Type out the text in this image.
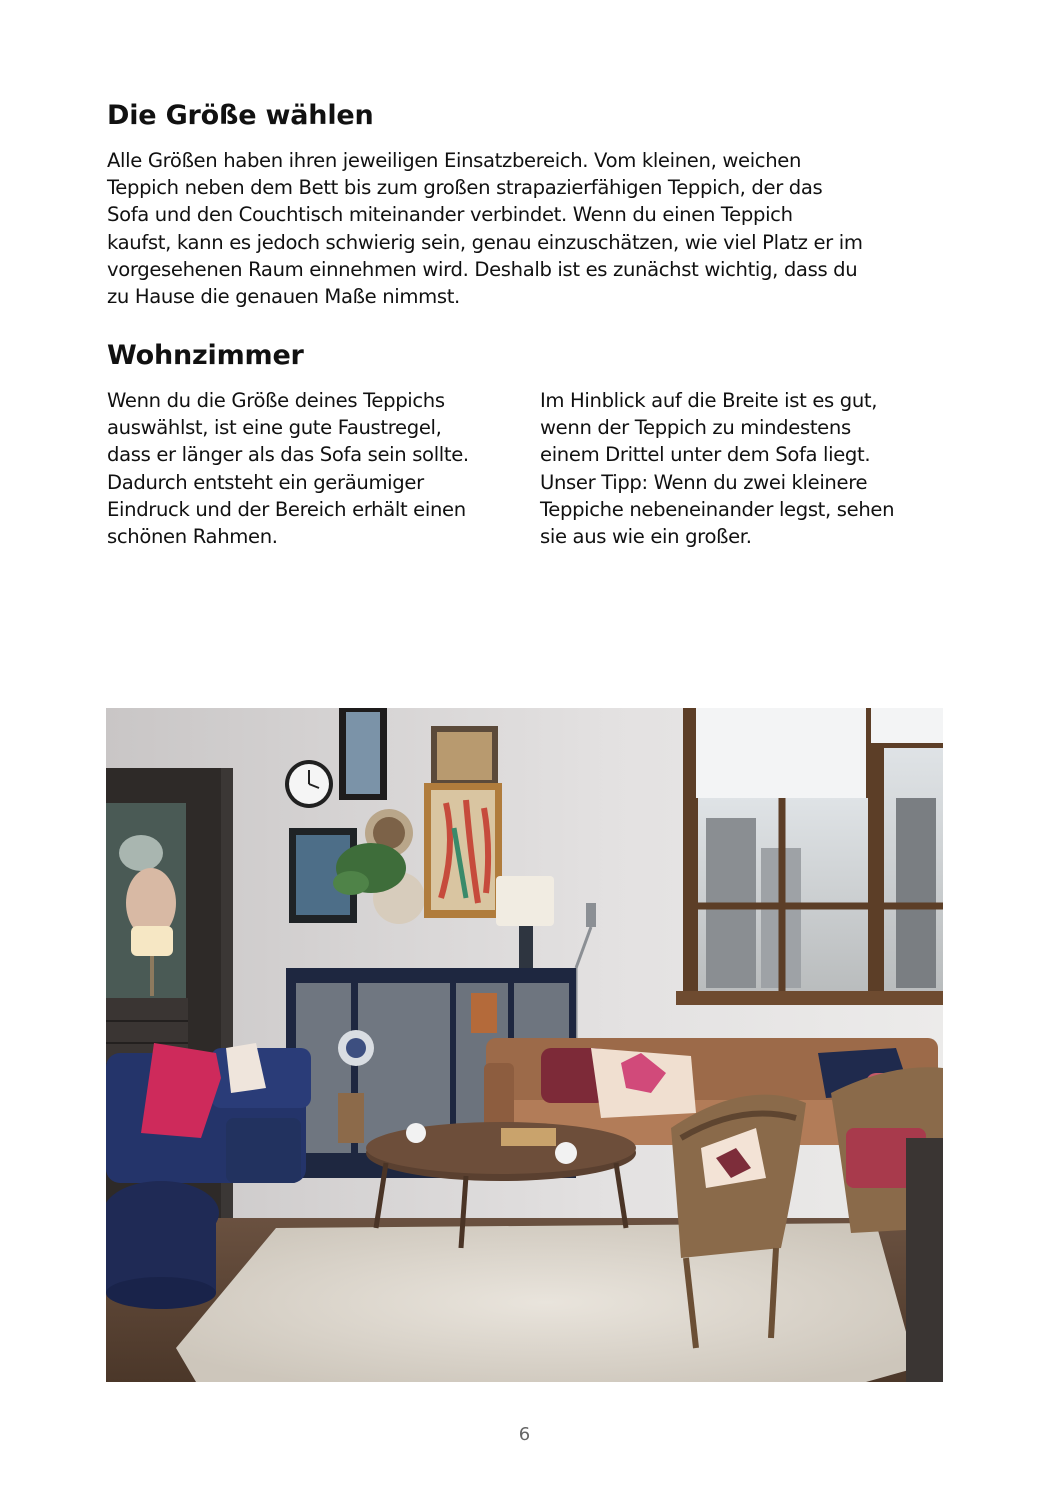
Die Größe wählen

Alle Größen haben ihren jeweiligen Einsatzbereich. Vom kleinen, weichen
Teppich neben dem Bett bis zum großen strapazierfähigen Teppich, der das
Sofa und den Couchtisch miteinander verbindet. Wenn du einen Teppich
kaufst, kann es jedoch schwierig sein, genau einzuschätzen, wie viel Platz er im
vorgesehenen Raum einnehmen wird. Deshalb ist es zunächst wichtig, dass du
zu Hause die genauen Maße nimmst.

Wohnzimmer

Wenn du die Größe deines Teppichs
auswählst, ist eine gute Faustregel,
dass er länger als das Sofa sein sollte.
Dadurch entsteht ein geräumiger
Eindruck und der Bereich erhält einen
schönen Rahmen.

Im Hinblick auf die Breite ist es gut,
wenn der Teppich zu mindestens
einem Drittel unter dem Sofa liegt.
Unser Tipp: Wenn du zwei kleinere
Teppiche nebeneinander legst, sehen
sie aus wie ein großer.

6
